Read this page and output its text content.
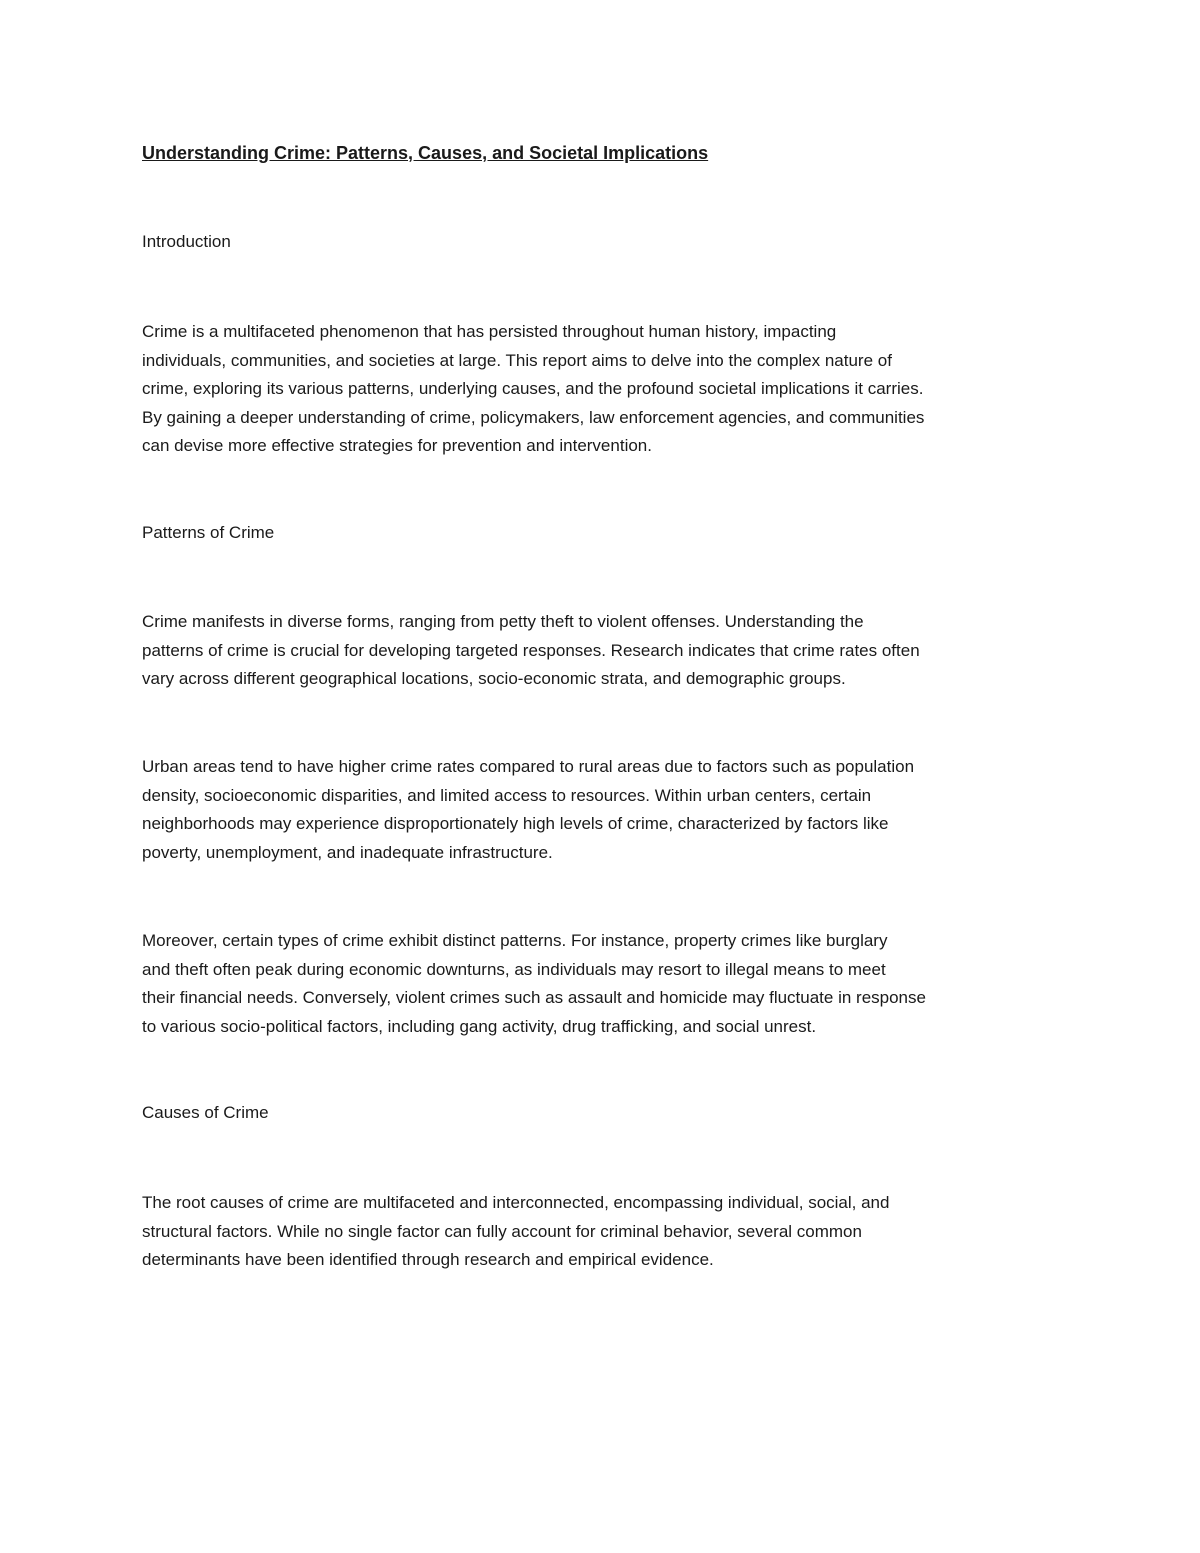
Understanding Crime: Patterns, Causes, and Societal Implications
Introduction

Crime is a multifaceted phenomenon that has persisted throughout human history, impacting
individuals, communities, and societies at large. This report aims to delve into the complex nature of
crime, exploring its various patterns, underlying causes, and the profound societal implications it carries.
By gaining a deeper understanding of crime, policymakers, law enforcement agencies, and communities
can devise more effective strategies for prevention and intervention.

Patterns of Crime

Crime manifests in diverse forms, ranging from petty theft to violent offenses. Understanding the
patterns of crime is crucial for developing targeted responses. Research indicates that crime rates often
vary across different geographical locations, socio-economic strata, and demographic groups.

Urban areas tend to have higher crime rates compared to rural areas due to factors such as population
density, socioeconomic disparities, and limited access to resources. Within urban centers, certain
neighborhoods may experience disproportionately high levels of crime, characterized by factors like
poverty, unemployment, and inadequate infrastructure.

Moreover, certain types of crime exhibit distinct patterns. For instance, property crimes like burglary
and theft often peak during economic downturns, as individuals may resort to illegal means to meet
their financial needs. Conversely, violent crimes such as assault and homicide may fluctuate in response
to various socio-political factors, including gang activity, drug trafficking, and social unrest.

Causes of Crime

The root causes of crime are multifaceted and interconnected, encompassing individual, social, and
structural factors. While no single factor can fully account for criminal behavior, several common
determinants have been identified through research and empirical evidence.
